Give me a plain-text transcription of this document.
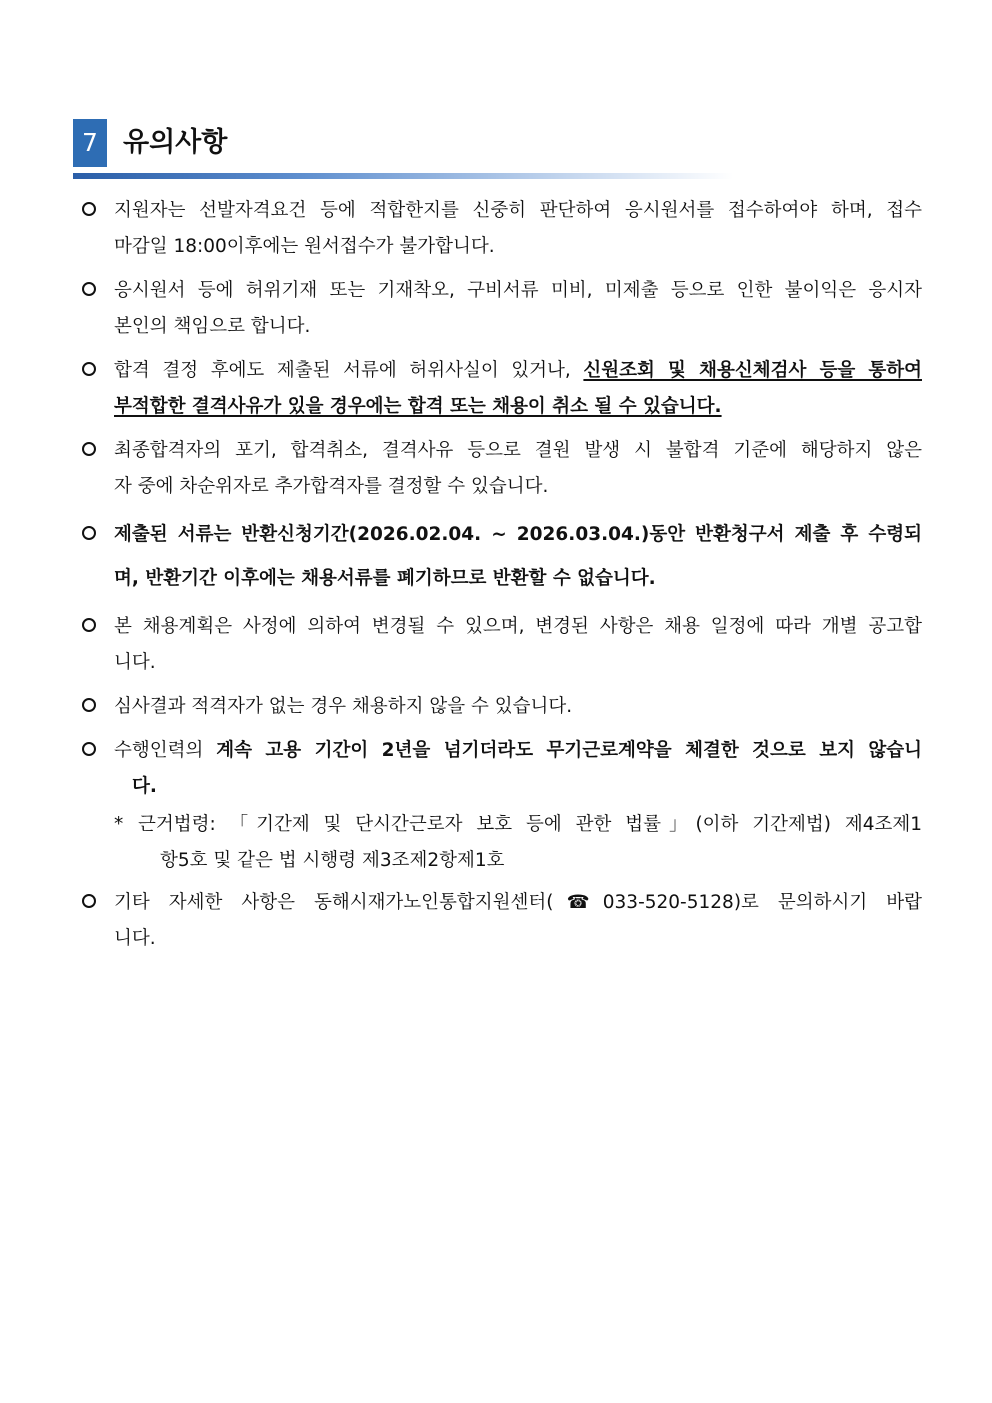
7 유의사항
지원자는 선발자격요건 등에 적합한지를 신중히 판단하여 응시원서를 접수하여야 하며, 접수
마감일 18:00이후에는 원서접수가 불가합니다.
응시원서 등에 허위기재 또는 기재착오, 구비서류 미비, 미제출 등으로 인한 불이익은 응시자
본인의 책임으로 합니다.
합격 결정 후에도 제출된 서류에 허위사실이 있거나, 신원조회 및 채용신체검사 등을 통하여
부적합한 결격사유가 있을 경우에는 합격 또는 채용이 취소 될 수 있습니다.
최종합격자의 포기, 합격취소, 결격사유 등으로 결원 발생 시 불합격 기준에 해당하지 않은
자 중에 차순위자로 추가합격자를 결정할 수 있습니다.
제출된 서류는 반환신청기간(2026.02.04. ~ 2026.03.04.)동안 반환청구서 제출 후 수령되
며, 반환기간 이후에는 채용서류를 폐기하므로 반환할 수 없습니다.
본 채용계획은 사정에 의하여 변경될 수 있으며, 변경된 사항은 채용 일정에 따라 개별 공고합
니다.
심사결과 적격자가 없는 경우 채용하지 않을 수 있습니다.
수행인력의 계속 고용 기간이 2년을 넘기더라도 무기근로계약을 체결한 것으로 보지 않습니
다.
* 근거법령: 「기간제 및 단시간근로자 보호 등에 관한 법률」(이하 기간제법) 제4조제1
항5호 및 같은 법 시행령 제3조제2항제1호
기타 자세한 사항은 동해시재가노인통합지원센터(☎033-520-5128)로 문의하시기 바랍
니다.
